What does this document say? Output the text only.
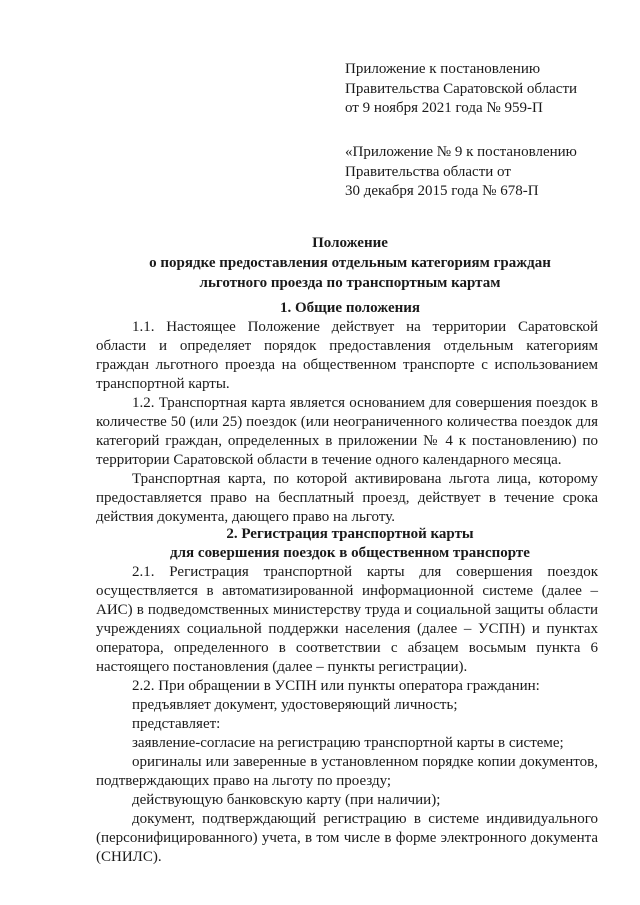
Приложение к постановлению
Правительства Саратовской области
от 9 ноября 2021 года № 959-П
«Приложение № 9 к постановлению
Правительства области от
30 декабря 2015 года № 678-П
Положение
о порядке предоставления отдельным категориям граждан
льготного проезда по транспортным картам
1. Общие положения

1.1. Настоящее Положение действует на территории Саратовской области и определяет порядок предоставления отдельным категориям граждан льготного проезда на общественном транспорте с использованием транспортной карты.

1.2. Транспортная карта является основанием для совершения поездок в количестве 50 (или 25) поездок (или неограниченного количества поездок для категорий граждан, определенных в приложении № 4 к постановлению) по территории Саратовской области в течение одного календарного месяца.

Транспортная карта, по которой активирована льгота лица, которому предоставляется право на бесплатный проезд, действует в течение срока действия документа, дающего право на льготу.

2. Регистрация транспортной карты
для совершения поездок в общественном транспорте

2.1. Регистрация транспортной карты для совершения поездок осуществляется в автоматизированной информационной системе (далее – АИС) в подведомственных министерству труда и социальной защиты области учреждениях социальной поддержки населения (далее – УСПН) и пунктах оператора, определенного в соответствии с абзацем восьмым пункта 6 настоящего постановления (далее – пункты регистрации).

2.2. При обращении в УСПН или пункты оператора гражданин:

предъявляет документ, удостоверяющий личность;

представляет:

заявление-согласие на регистрацию транспортной карты в системе;

оригиналы или заверенные в установленном порядке копии документов, подтверждающих право на льготу по проезду;

действующую банковскую карту (при наличии);

документ, подтверждающий регистрацию в системе индивидуального (персонифицированного) учета, в том числе в форме электронного документа (СНИЛС).
